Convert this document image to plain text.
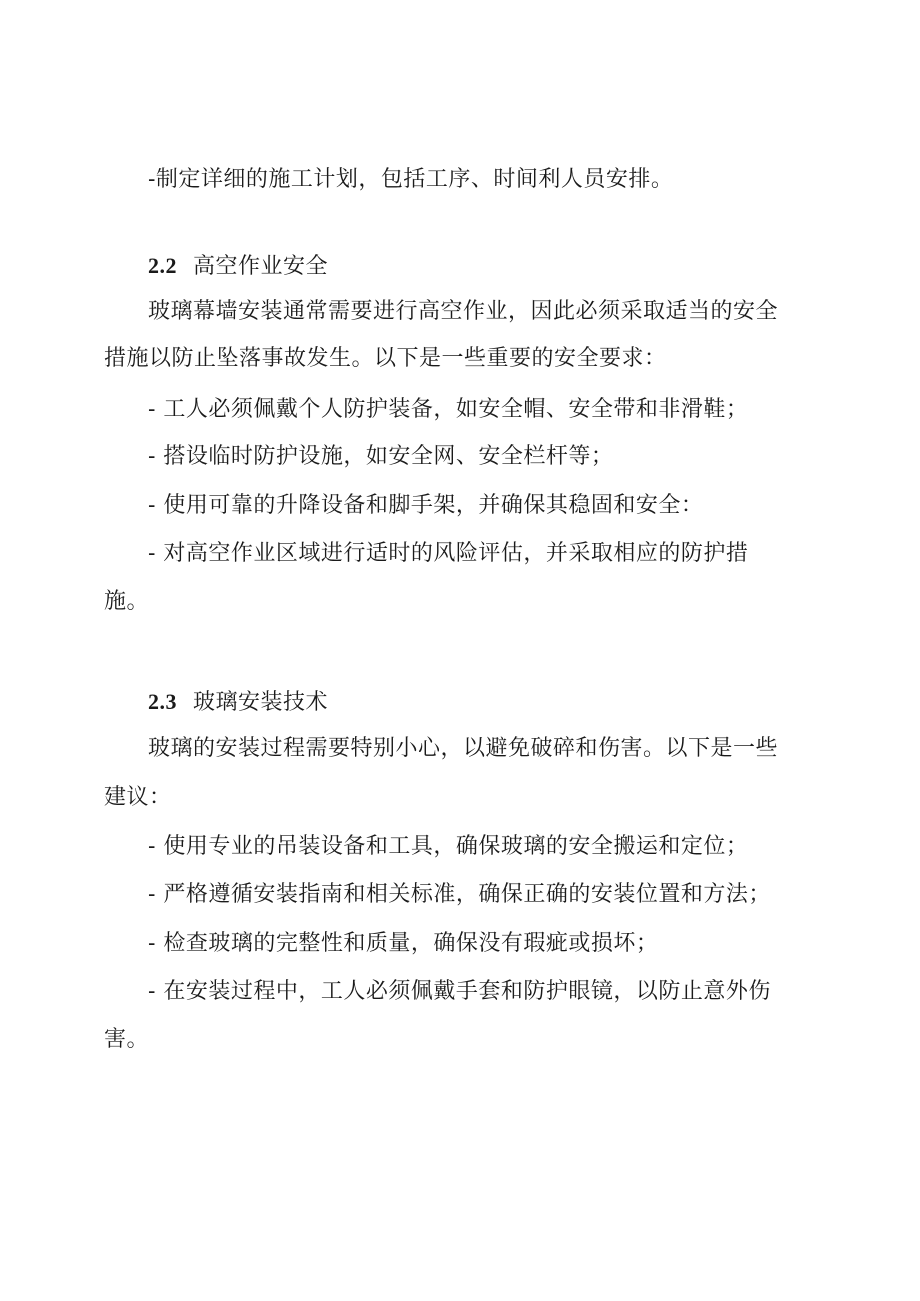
-制定详细的施工计划，包括工序、时间利人员安排。
2.2 高空作业安全
玻璃幕墙安装通常需要进行高空作业，因此必须采取适当的安全
措施以防止坠落事故发生。以下是一些重要的安全要求：
- 工人必须佩戴个人防护装备，如安全帽、安全带和非滑鞋；
- 搭设临时防护设施，如安全网、安全栏杆等；
- 使用可靠的升降设备和脚手架，并确保其稳固和安全：
- 对高空作业区域进行适时的风险评估，并采取相应的防护措
施。
2.3 玻璃安装技术
玻璃的安装过程需要特别小心，以避免破碎和伤害。以下是一些
建议：
- 使用专业的吊装设备和工具，确保玻璃的安全搬运和定位；
- 严格遵循安装指南和相关标准，确保正确的安装位置和方法；
- 检查玻璃的完整性和质量，确保没有瑕疵或损坏；
- 在安装过程中，工人必须佩戴手套和防护眼镜，以防止意外伤
害。
